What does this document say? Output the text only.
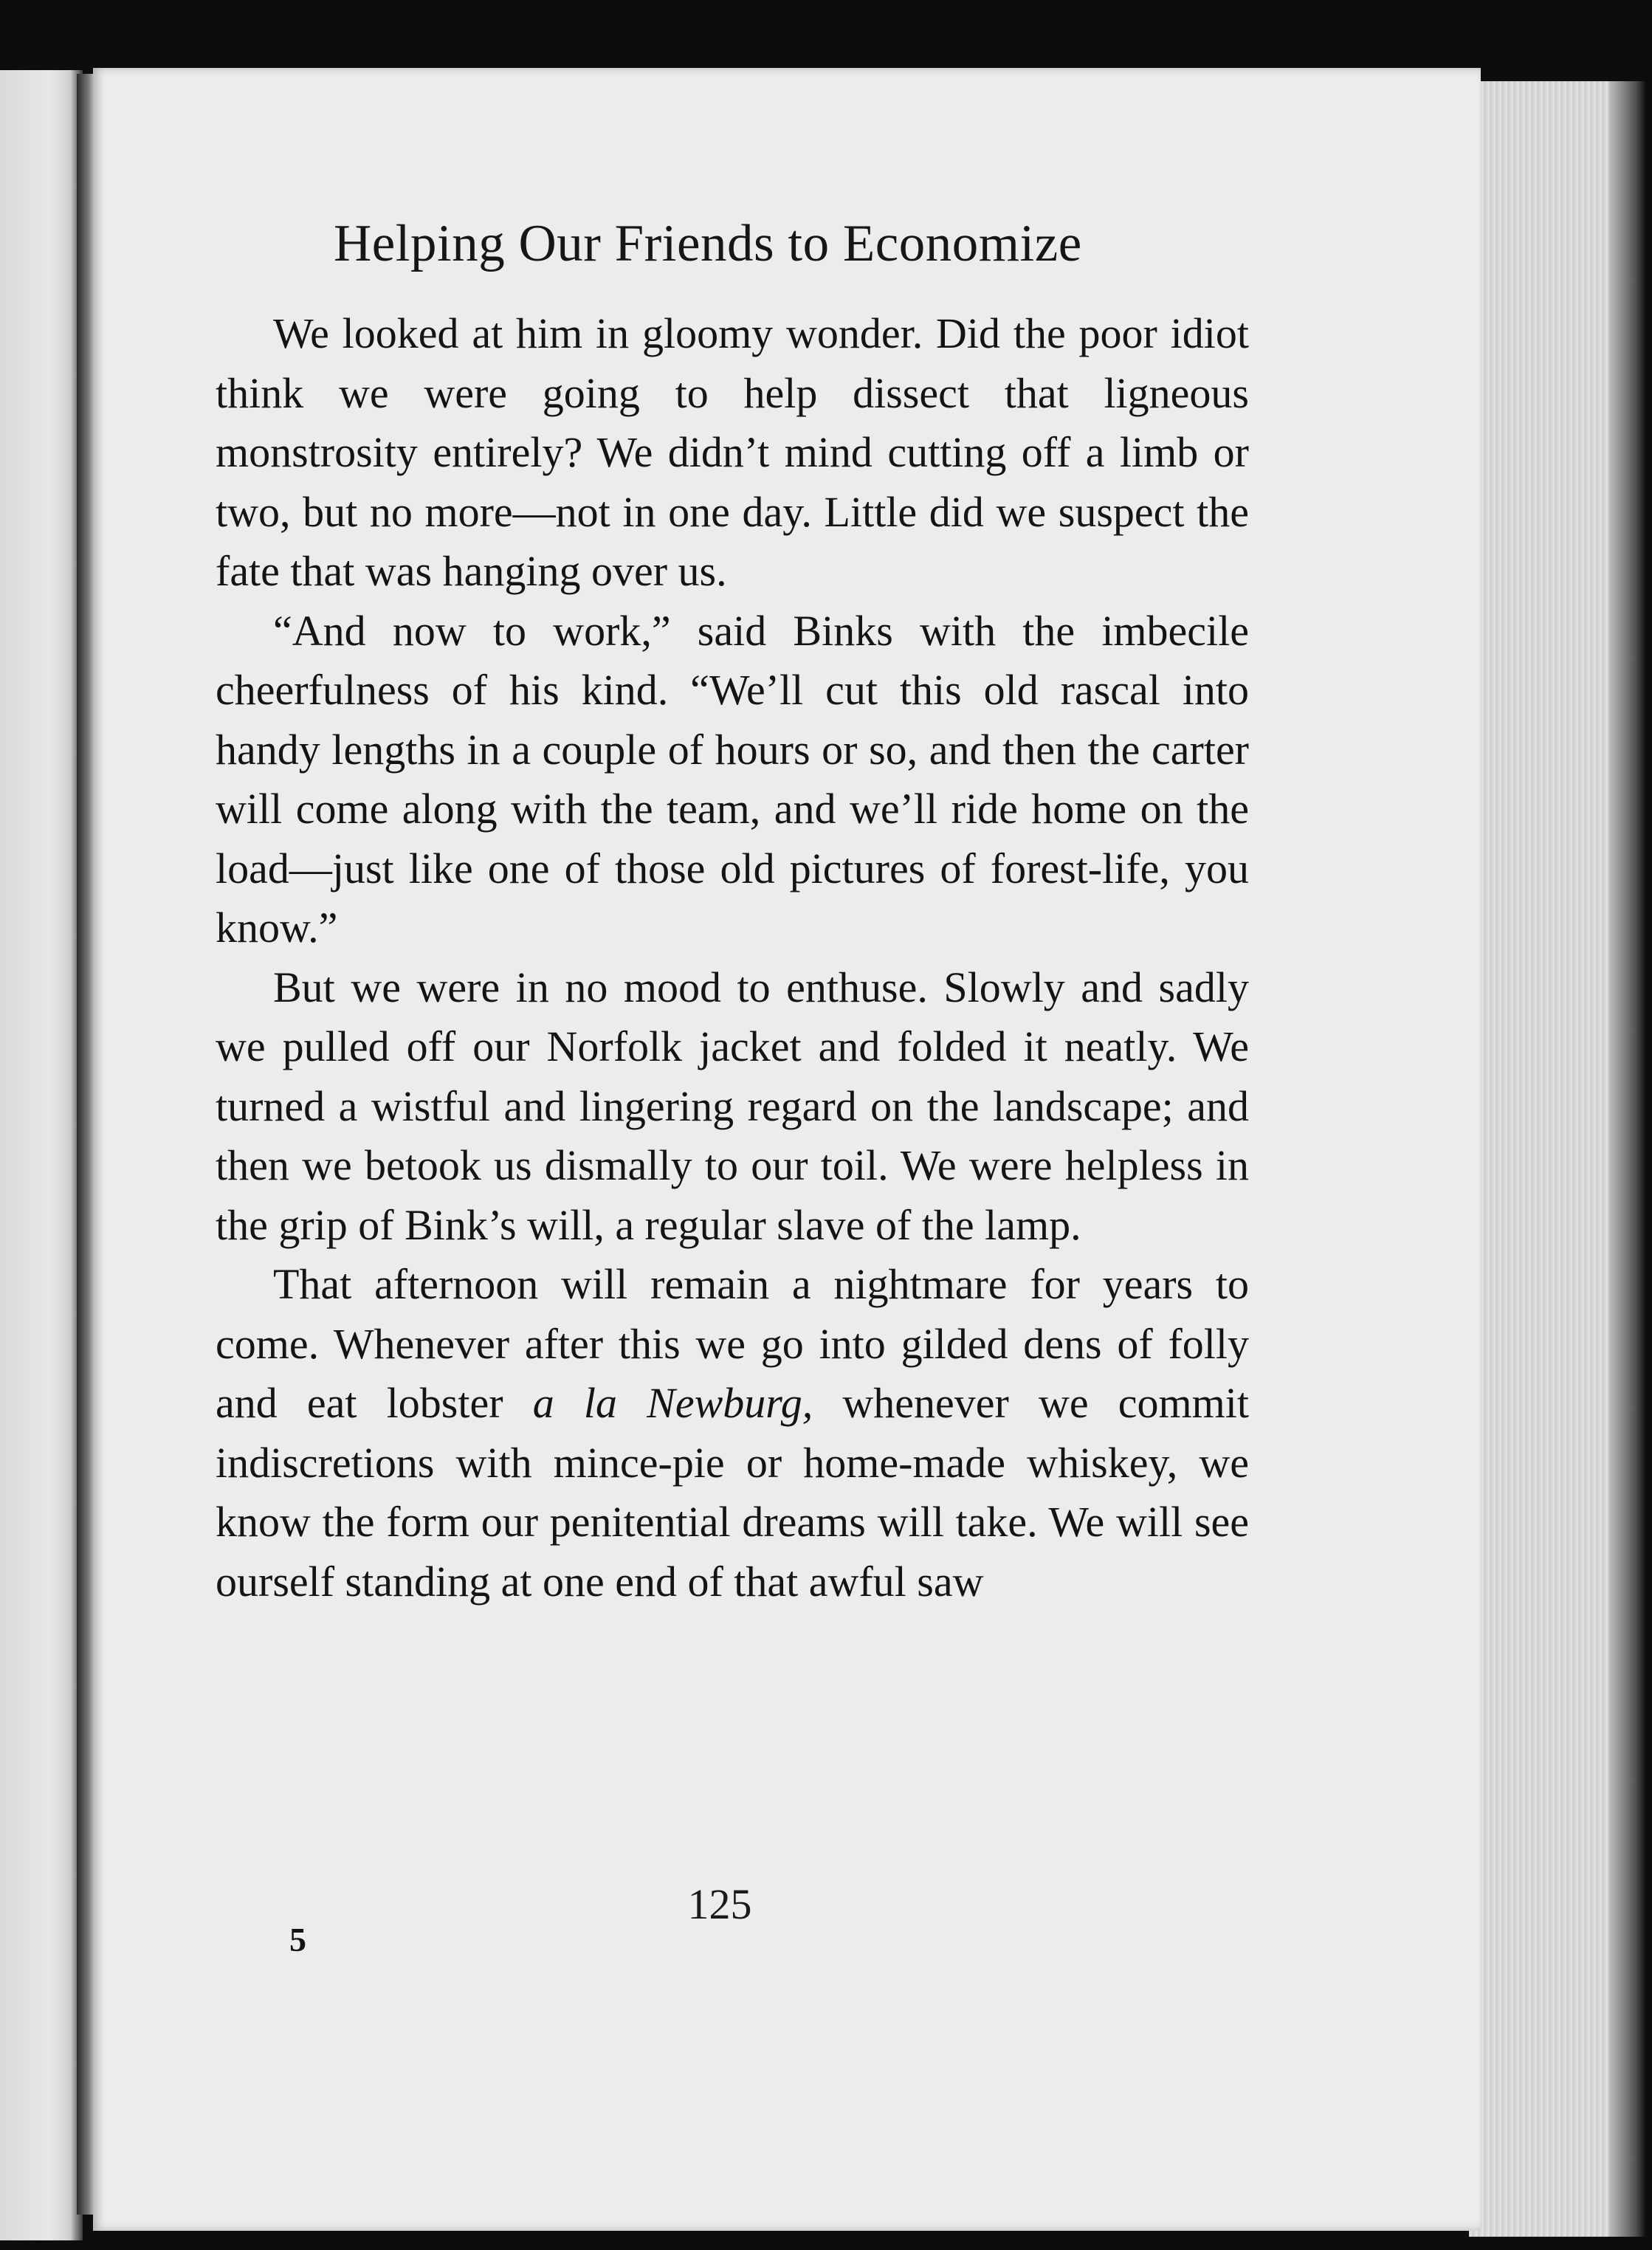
Helping Our Friends to Economize

We looked at him in gloomy wonder. Did the poor idiot think we were going to help dissect that ligneous monstrosity entirely? We didn’t mind cutting off a limb or two, but no more—not in one day. Little did we suspect the fate that was hanging over us.

“And now to work,” said Binks with the imbecile cheerfulness of his kind. “We’ll cut this old rascal into handy lengths in a couple of hours or so, and then the carter will come along with the team, and we’ll ride home on the load—just like one of those old pictures of forest-life, you know.”

But we were in no mood to enthuse. Slowly and sadly we pulled off our Norfolk jacket and folded it neatly. We turned a wistful and lingering regard on the landscape; and then we betook us dismally to our toil. We were helpless in the grip of Bink’s will, a regular slave of the lamp.

That afternoon will remain a nightmare for years to come. Whenever after this we go into gilded dens of folly and eat lobster a la Newburg, whenever we commit indiscretions with mince-pie or home-made whiskey, we know the form our penitential dreams will take. We will see ourself standing at one end of that awful saw

125
5
